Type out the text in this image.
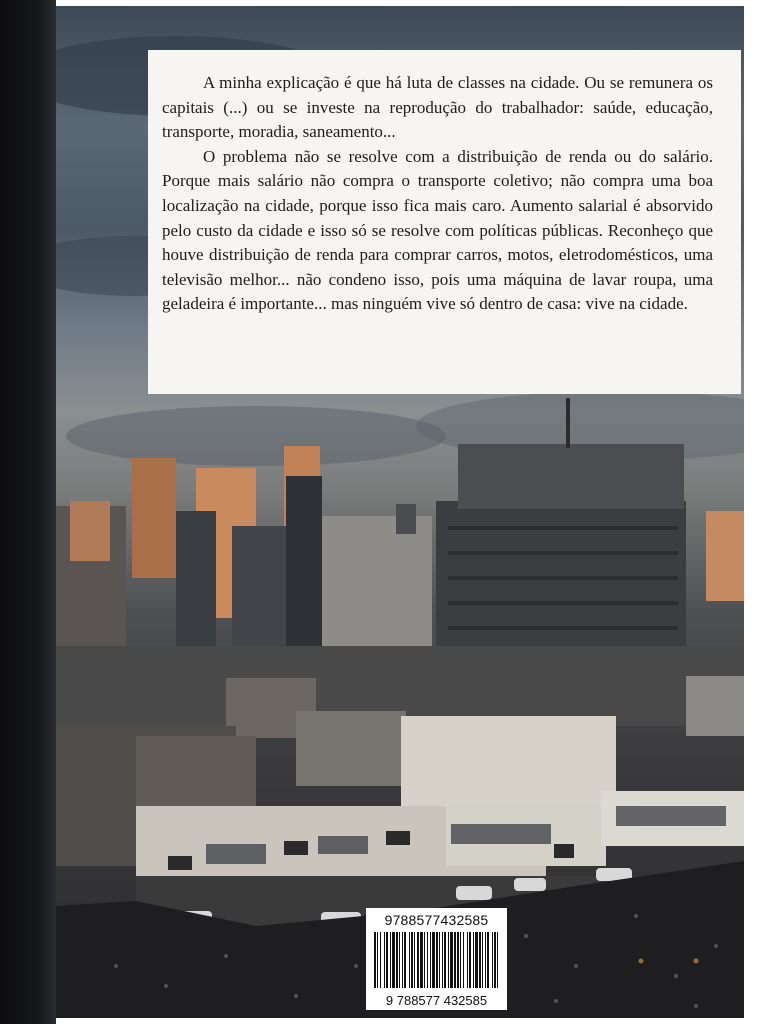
A minha explicação é que há luta de classes na cidade. Ou se remunera os capitais (...) ou se investe na reprodução do trabalhador: saúde, educação, transporte, moradia, saneamento...

O problema não se resolve com a distribuição de renda ou do salário. Porque mais salário não compra o transporte coletivo; não compra uma boa localização na cidade, porque isso fica mais caro. Aumento salarial é absorvido pelo custo da cidade e isso só se resolve com políticas públicas. Reconheço que houve distribuição de renda para comprar carros, motos, eletrodomésticos, uma televisão melhor... não condeno isso, pois uma máquina de lavar roupa, uma geladeira é importante... mas ninguém vive só dentro de casa: vive na cidade.

9788577432585
9 788577 432585
